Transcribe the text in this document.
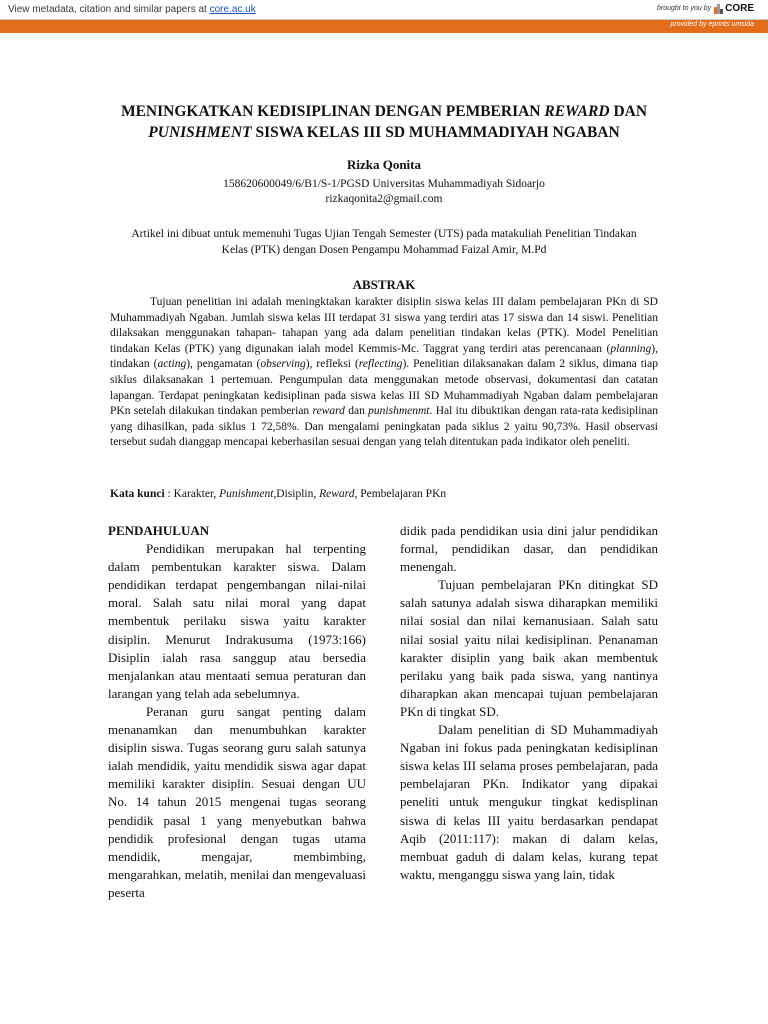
View metadata, citation and similar papers at core.ac.uk	brought to you by CORE
provided by eprints umsida
MENINGKATKAN KEDISIPLINAN DENGAN PEMBERIAN REWARD DAN
PUNISHMENT SISWA KELAS III SD MUHAMMADIYAH NGABAN
Rizka Qonita
158620600049/6/B1/S-1/PGSD Universitas Muhammadiyah Sidoarjo
rizkaqonita2@gmail.com
Artikel ini dibuat untuk memenuhi Tugas Ujian Tengah Semester (UTS) pada matakuliah Penelitian Tindakan Kelas (PTK) dengan Dosen Pengampu Mohammad Faizal Amir, M.Pd
ABSTRAK

Tujuan penelitian ini adalah meningktakan karakter disiplin siswa kelas III dalam pembelajaran PKn di SD Muhammadiyah Ngaban. Jumlah siswa kelas III terdapat 31 siswa yang terdiri atas 17 siswa dan 14 siswi. Penelitian dilaksakan menggunakan tahapan- tahapan yang ada dalam penelitian tindakan kelas (PTK). Model Penelitian tindakan Kelas (PTK) yang digunakan ialah model Kemmis-Mc. Taggrat yang terdiri atas perencanaan (planning), tindakan (acting), pengamatan (observing), refleksi (reflecting). Penelitian dilaksanakan dalam 2 siklus, dimana tiap siklus dilaksanakan 1 pertemuan. Pengumpulan data menggunakan metode observasi, dokumentasi dan catatan lapangan. Terdapat peningkatan kedisiplinan pada siswa kelas III SD Muhammadiyah Ngaban dalam pembelajaran PKn setelah dilakukan tindakan pemberian reward dan punishmenmt. Hal itu dibuktikan dengan rata-rata kedisiplinan yang dihasilkan, pada siklus 1 72,58%. Dan mengalami peningkatan pada siklus 2 yaitu 90,73%. Hasil observasi tersebut sudah dianggap mencapai keberhasilan sesuai dengan yang telah ditentukan pada indikator oleh peneliti.

Kata kunci : Karakter, Punishment,Disiplin, Reward, Pembelajaran PKn

PENDAHULUAN

Pendidikan merupakan hal terpenting dalam pembentukan karakter siswa. Dalam pendidikan terdapat pengembangan nilai-nilai moral. Salah satu nilai moral yang dapat membentuk perilaku siswa yaitu karakter disiplin. Menurut Indrakusuma (1973:166) Disiplin ialah rasa sanggup atau bersedia menjalankan atau mentaati semua peraturan dan larangan yang telah ada sebelumnya.

Peranan guru sangat penting dalam menanamkan dan menumbuhkan karakter disiplin siswa. Tugas seorang guru salah satunya ialah mendidik, yaitu mendidik siswa agar dapat memiliki karakter disiplin. Sesuai dengan UU No. 14 tahun 2015 mengenai tugas seorang pendidik pasal 1 yang menyebutkan bahwa pendidik profesional dengan tugas utama mendidik, mengajar, membimbing, mengarahkan, melatih, menilai dan mengevaluasi peserta

didik pada pendidikan usia dini jalur pendidikan formal, pendidikan dasar, dan pendidikan menengah.

Tujuan pembelajaran PKn ditingkat SD salah satunya adalah siswa diharapkan memiliki nilai sosial dan nilai kemanusiaan. Salah satu nilai sosial yaitu nilai kedisiplinan. Penanaman karakter disiplin yang baik akan membentuk perilaku yang baik pada siswa, yang nantinya diharapkan akan mencapai tujuan pembelajaran PKn di tingkat SD.

Dalam penelitian di SD Muhammadiyah Ngaban ini fokus pada peningkatan kedisiplinan siswa kelas III selama proses pembelajaran, pada pembelajaran PKn. Indikator yang dipakai peneliti untuk mengukur tingkat kedisplinan siswa di kelas III yaitu berdasarkan pendapat Aqib (2011:117): makan di dalam kelas, membuat gaduh di dalam kelas, kurang tepat waktu, menganggu siswa yang lain, tidak
